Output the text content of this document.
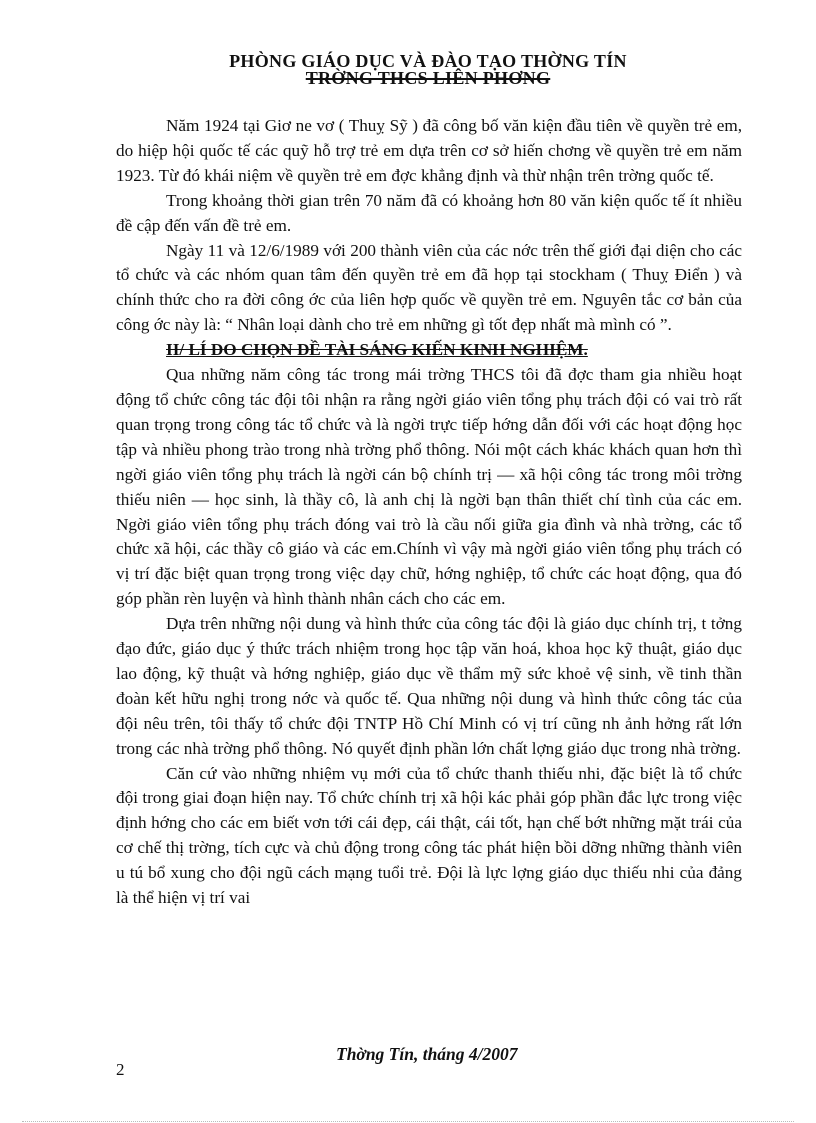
PHÒNG GIÁO DỤC VÀ ĐÀO TẠO THỜNG TÍN
TRỜNG THCS LIÊN PHƠNG

Năm 1924 tại Giơ ne vơ ( Thuỵ Sỹ ) đã công bố văn kiện đầu tiên về quyền trẻ em, do hiệp hội quốc tế các quỹ hỗ trợ trẻ em dựa trên cơ sở hiến chơng về quyền trẻ em năm 1923. Từ đó khái niệm về quyền trẻ em đợc khẳng định và thừ nhận trên trờng quốc tế.

Trong khoảng thời gian trên 70 năm đã có khoảng hơn 80 văn kiện quốc tế ít nhiều đề cập đến vấn đề trẻ em.

Ngày 11 và 12/6/1989 với 200 thành viên của các nớc trên thế giới đại diện cho các tổ chức và các nhóm quan tâm đến quyền trẻ em đã họp tại stockham ( Thuỵ Điển ) và chính thức cho ra đời công ớc của liên hợp quốc về quyền trẻ em. Nguyên tắc cơ bản của công ớc này là: “ Nhân loại dành cho trẻ em những gì tốt đẹp nhất mà mình có ”.

II/ LÍ DO CHỌN ĐỀ TÀI SÁNG KIẾN KINH NGHIỆM.

Qua những năm công tác trong mái trờng THCS tôi đã đợc tham gia nhiều hoạt động tổ chức công tác đội tôi nhận ra rằng ngời giáo viên tổng phụ trách đội có vai trò rất quan trọng trong công tác tổ chức và là ngời trực tiếp hớng dẫn đối với các hoạt động học tập và nhiều phong trào trong nhà trờng phổ thông. Nói một cách khác khách quan hơn thì ngời giáo viên tổng phụ trách là ngời cán bộ chính trị — xã hội công tác trong môi trờng thiếu niên — học sinh, là thầy cô, là anh chị là ngời bạn thân thiết chí tình của các em. Ngời giáo viên tổng phụ trách đóng vai trò là cầu nối giữa gia đình và nhà trờng, các tổ chức xã hội, các thầy cô giáo và các em.Chính vì vậy mà ngời giáo viên tổng phụ trách có vị trí đặc biệt quan trọng trong việc dạy chữ, hớng nghiệp, tổ chức các hoạt động, qua đó góp phần rèn luyện và hình thành nhân cách cho các em.

Dựa trên những nội dung và hình thức của công tác đội là giáo dục chính trị, t tởng đạo đức, giáo dục ý thức trách nhiệm trong học tập văn hoá, khoa học kỹ thuật, giáo dục lao động, kỹ thuật và hớng nghiệp, giáo dục về thẩm mỹ sức khoẻ vệ sinh, về tinh thần đoàn kết hữu nghị trong nớc và quốc tế. Qua những nội dung và hình thức công tác của đội nêu trên, tôi thấy tổ chức đội TNTP Hồ Chí Minh có vị trí cũng nh ảnh hởng rất lớn trong các nhà trờng phổ thông. Nó quyết định phần lớn chất lợng giáo dục trong nhà trờng.

Căn cứ vào những nhiệm vụ mới của tổ chức thanh thiếu nhi, đặc biệt là tổ chức đội trong giai đoạn hiện nay. Tổ chức chính trị xã hội kác phải góp phần đắc lực trong việc định hớng cho các em biết vơn tới cái đẹp, cái thật, cái tốt, hạn chế bớt những mặt trái của cơ chế thị trờng, tích cực và chủ động trong công tác phát hiện bồi dỡng những thành viên u tú bổ xung cho đội ngũ cách mạng tuổi trẻ. Đội là lực lợng giáo dục thiếu nhi của đảng là thể hiện vị trí vai

Thờng Tín, tháng 4/2007
2
